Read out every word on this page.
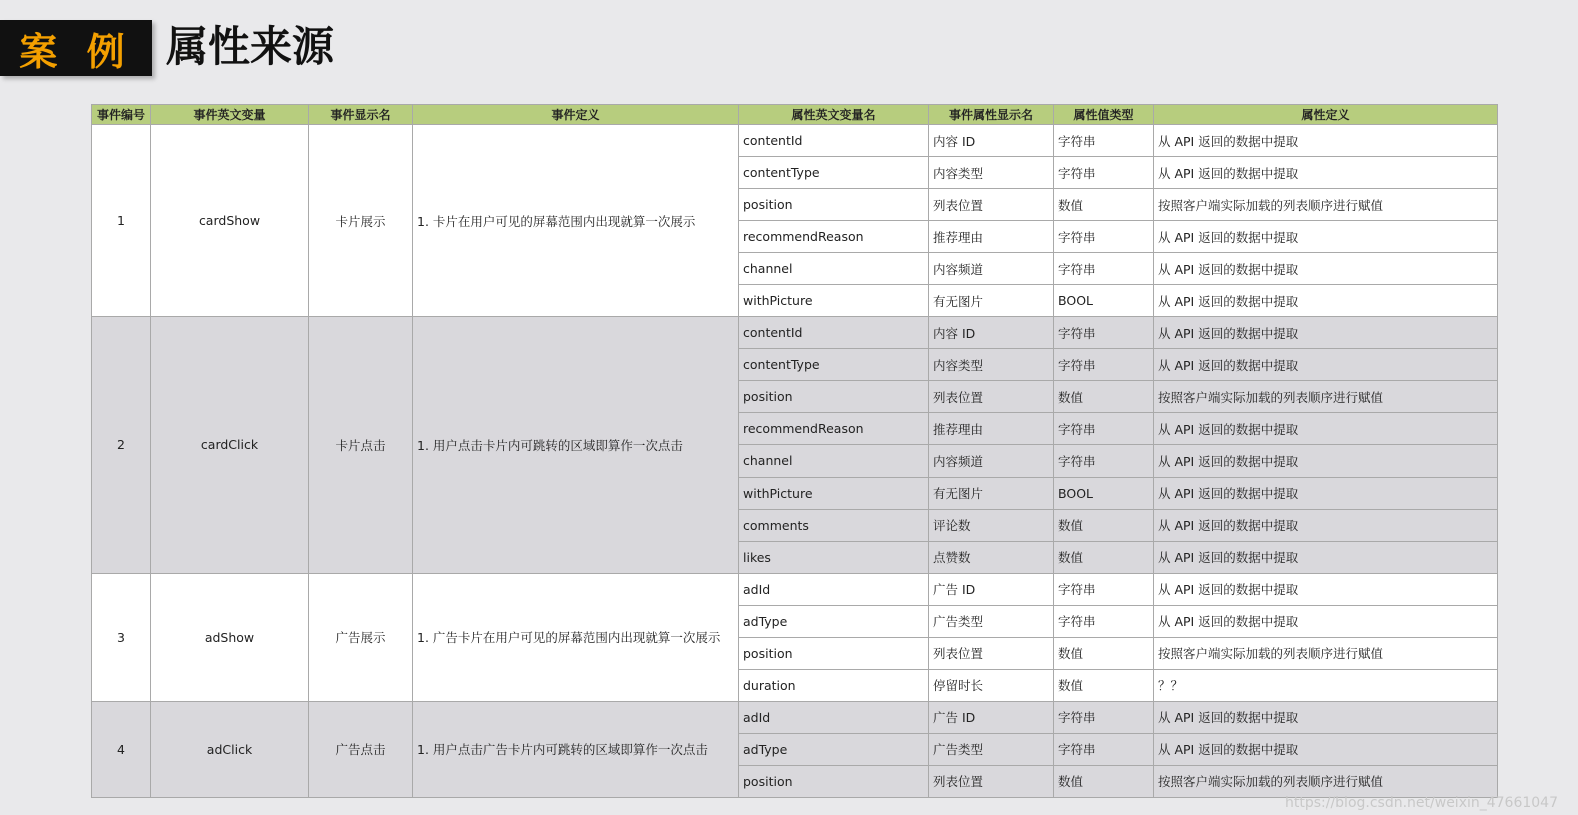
案 例 属性来源
事件编号	事件英文变量	事件显示名	事件定义	属性英文变量名	事件属性显示名	属性值类型	属性定义
1	cardShow	卡片展示	1. 卡片在用户可见的屏幕范围内出现就算一次展示	contentId	内容 ID	字符串	从 API 返回的数据中提取
				contentType	内容类型	字符串	从 API 返回的数据中提取
				position	列表位置	数值	按照客户端实际加载的列表顺序进行赋值
				recommendReason	推荐理由	字符串	从 API 返回的数据中提取
				channel	内容频道	字符串	从 API 返回的数据中提取
				withPicture	有无图片	BOOL	从 API 返回的数据中提取
2	cardClick	卡片点击	1. 用户点击卡片内可跳转的区域即算作一次点击	contentId	内容 ID	字符串	从 API 返回的数据中提取
				contentType	内容类型	字符串	从 API 返回的数据中提取
				position	列表位置	数值	按照客户端实际加载的列表顺序进行赋值
				recommendReason	推荐理由	字符串	从 API 返回的数据中提取
				channel	内容频道	字符串	从 API 返回的数据中提取
				withPicture	有无图片	BOOL	从 API 返回的数据中提取
				comments	评论数	数值	从 API 返回的数据中提取
				likes	点赞数	数值	从 API 返回的数据中提取
3	adShow	广告展示	1. 广告卡片在用户可见的屏幕范围内出现就算一次展示	adId	广告 ID	字符串	从 API 返回的数据中提取
				adType	广告类型	字符串	从 API 返回的数据中提取
				position	列表位置	数值	按照客户端实际加载的列表顺序进行赋值
				duration	停留时长	数值	？？
4	adClick	广告点击	1. 用户点击广告卡片内可跳转的区域即算作一次点击	adId	广告 ID	字符串	从 API 返回的数据中提取
				adType	广告类型	字符串	从 API 返回的数据中提取
				position	列表位置	数值	按照客户端实际加载的列表顺序进行赋值
https://blog.csdn.net/weixin_47661047
